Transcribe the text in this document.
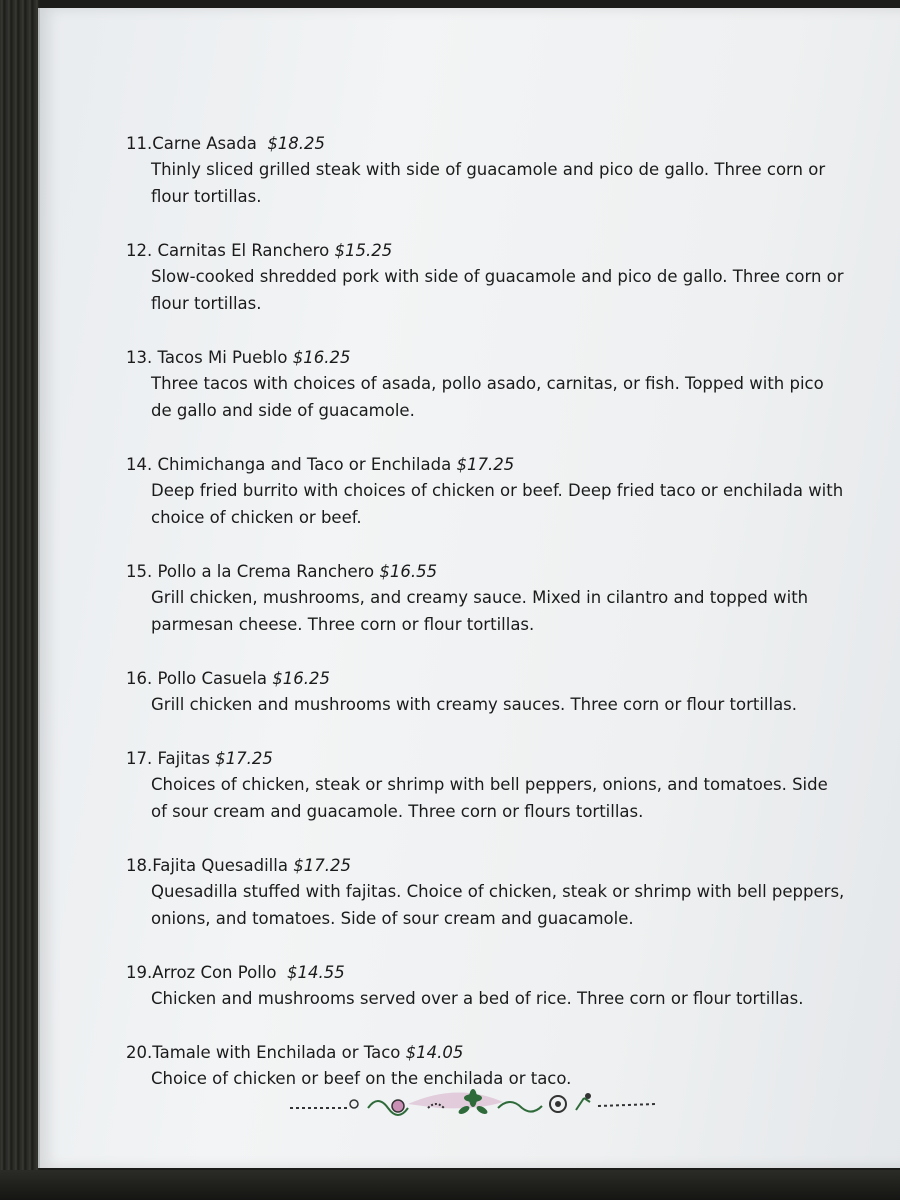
11.Carne Asada $18.25
Thinly sliced grilled steak with side of guacamole and pico de gallo. Three corn or flour tortillas.
12. Carnitas El Ranchero $15.25
Slow-cooked shredded pork with side of guacamole and pico de gallo. Three corn or flour tortillas.
13. Tacos Mi Pueblo $16.25
Three tacos with choices of asada, pollo asado, carnitas, or fish. Topped with pico de gallo and side of guacamole.
14. Chimichanga and Taco or Enchilada $17.25
Deep fried burrito with choices of chicken or beef. Deep fried taco or enchilada with choice of chicken or beef.
15. Pollo a la Crema Ranchero $16.55
Grill chicken, mushrooms, and creamy sauce. Mixed in cilantro and topped with parmesan cheese. Three corn or flour tortillas.
16. Pollo Casuela $16.25
Grill chicken and mushrooms with creamy sauces. Three corn or flour tortillas.
17. Fajitas $17.25
Choices of chicken, steak or shrimp with bell peppers, onions, and tomatoes. Side of sour cream and guacamole. Three corn or flours tortillas.
18.Fajita Quesadilla $17.25
Quesadilla stuffed with fajitas. Choice of chicken, steak or shrimp with bell peppers, onions, and tomatoes. Side of sour cream and guacamole.
19.Arroz Con Pollo $14.55
Chicken and mushrooms served over a bed of rice. Three corn or flour tortillas.
20.Tamale with Enchilada or Taco $14.05
Choice of chicken or beef on the enchilada or taco.
